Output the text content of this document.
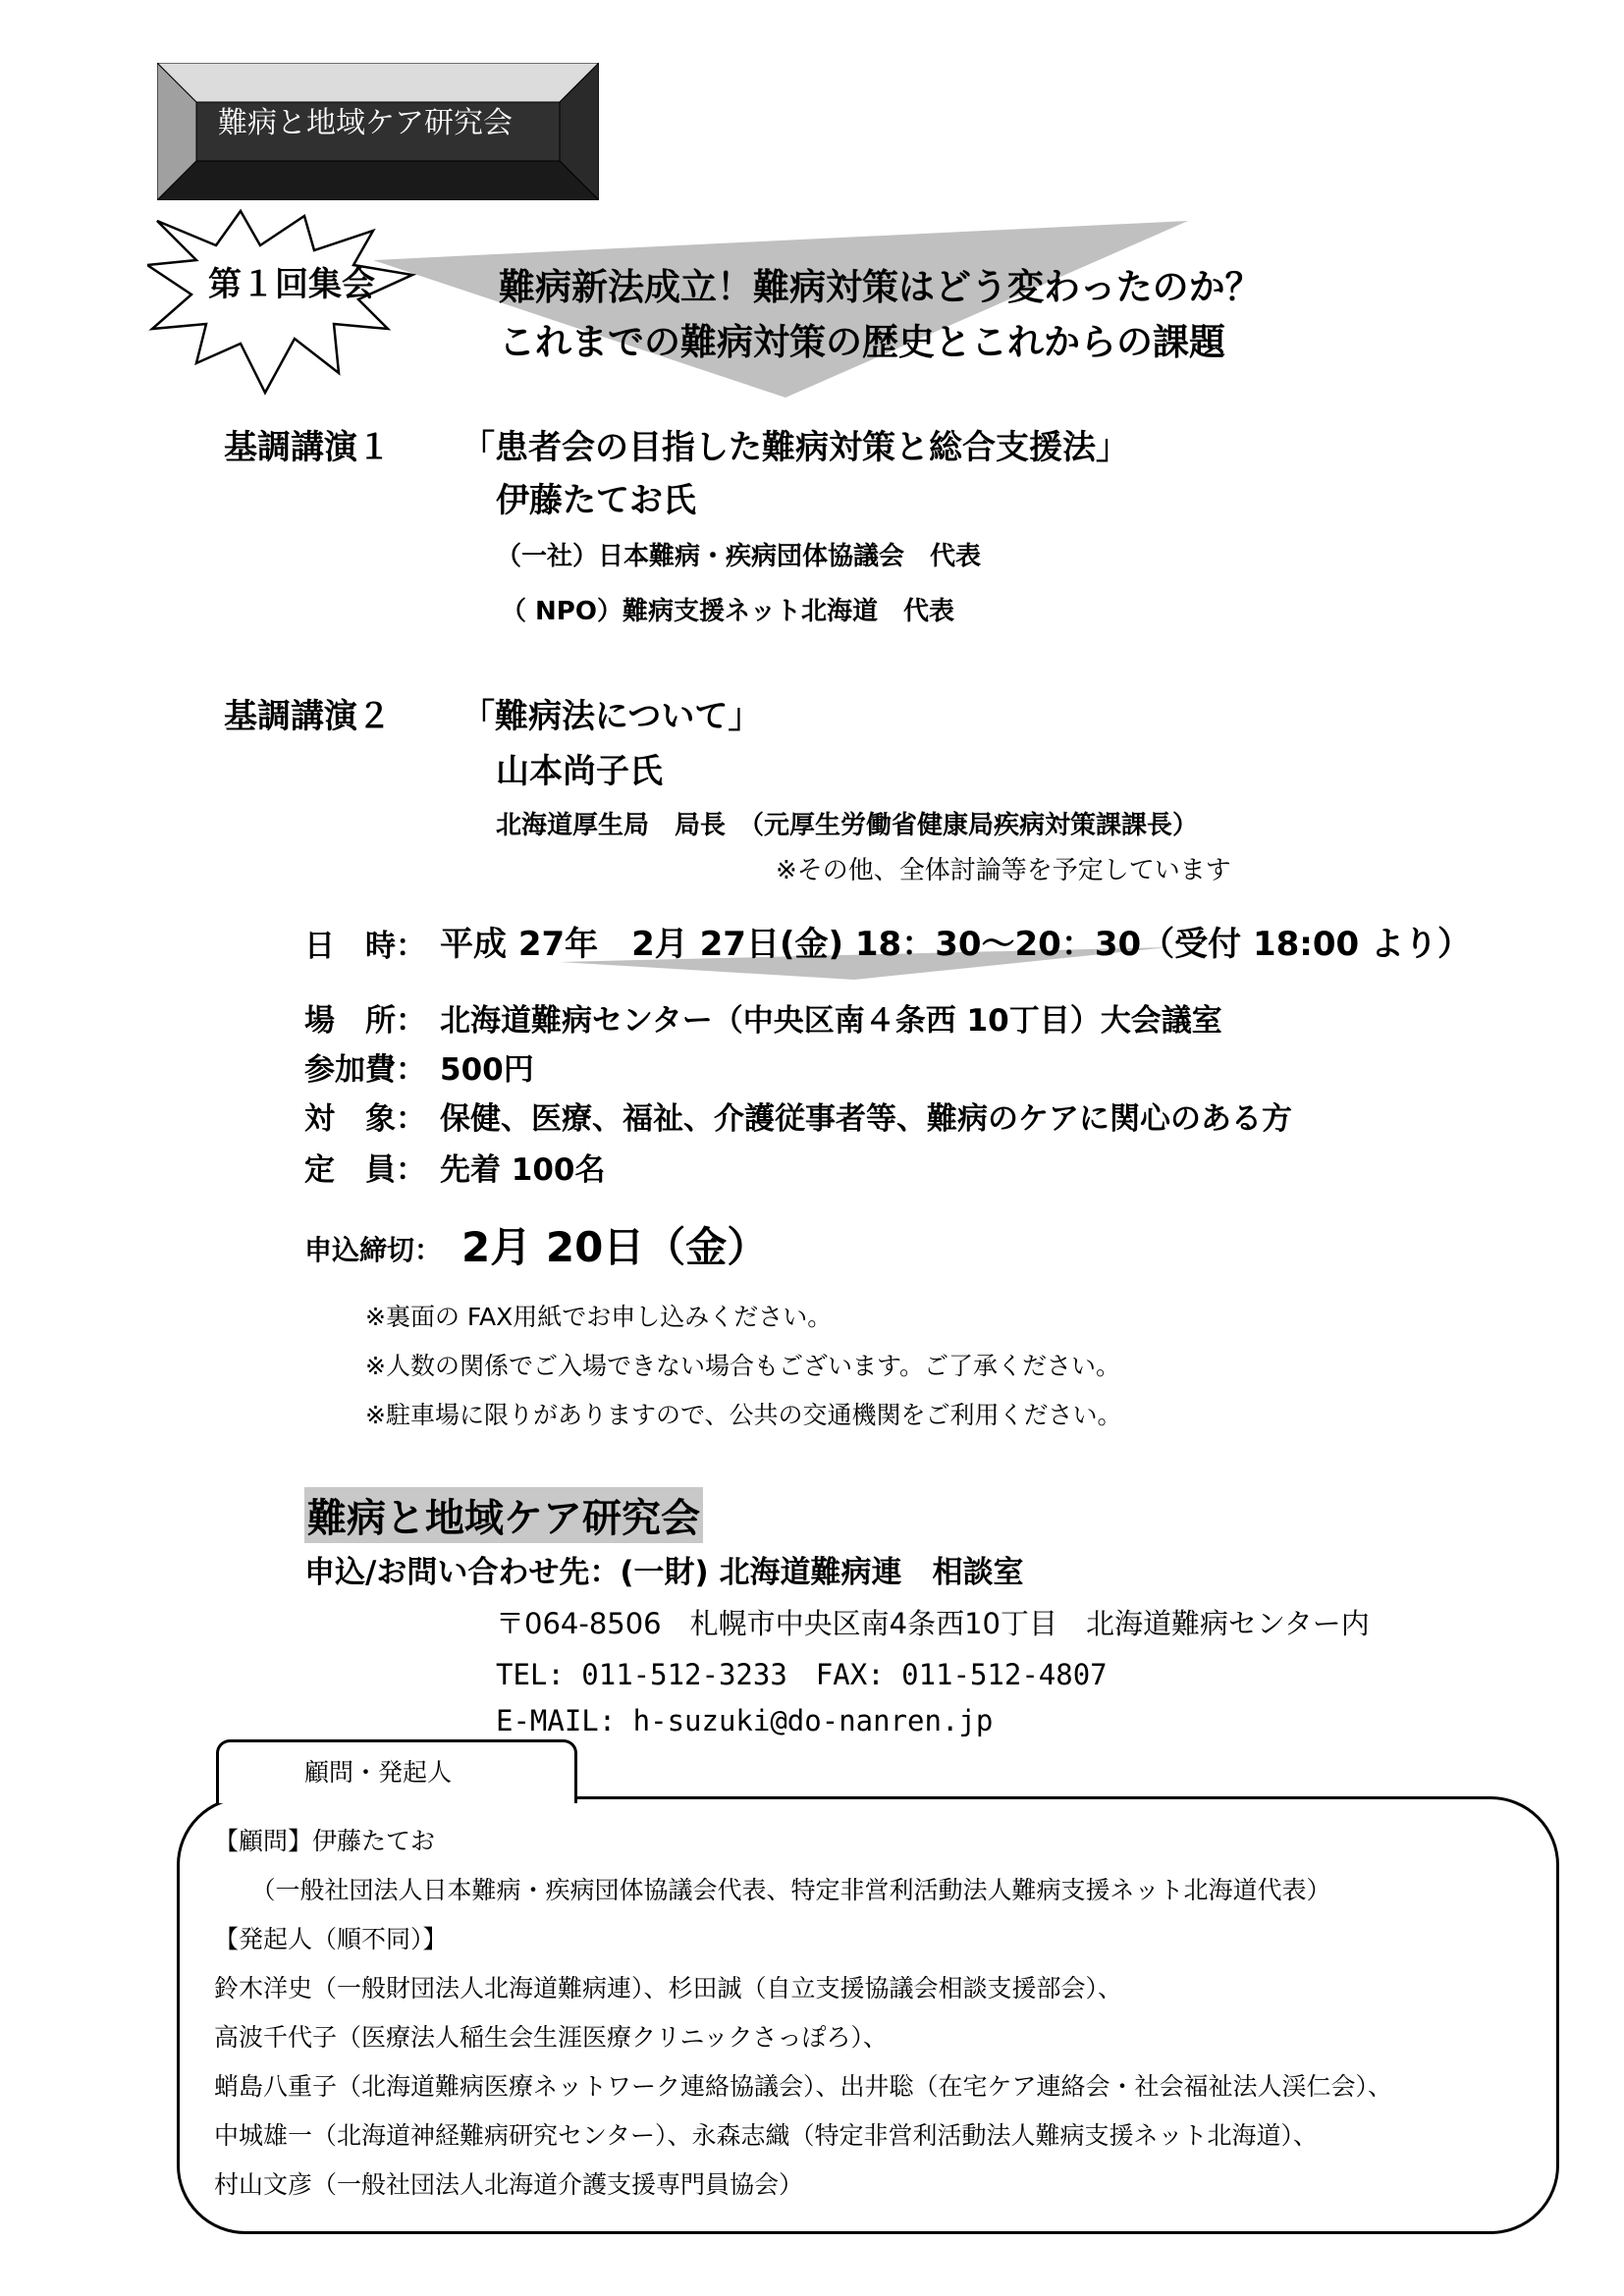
難病と地域ケア研究会
第１回集会	難病新法成立！難病対策はどう変わったのか？
これまでの難病対策の歴史とこれからの課題
基調講演１ 「患者会の目指した難病対策と総合支援法」
伊藤たてお氏
（一社）日本難病・疾病団体協議会　代表
（ NPO）難病支援ネット北海道　代表
基調講演２ 「難病法について」
山本尚子氏
北海道厚生局　局長　（元厚生労働省健康局疾病対策課課長）
※その他、全体討論等を予定しています
日　時： 平成 27年　2月 27日(金) 18：30～20：30（受付 18:00 より）
場　所： 北海道難病センター（中央区南４条西 10丁目）大会議室
参加費： 500円
対　象： 保健、医療、福祉、介護従事者等、難病のケアに関心のある方
定　員： 先着 100名
申込締切： 2月 20日（金）
※裏面の FAX用紙でお申し込みください。
※人数の関係でご入場できない場合もございます。ご了承ください。
※駐車場に限りがありますので、公共の交通機関をご利用ください。
難病と地域ケア研究会
申込/お問い合わせ先：(一財) 北海道難病連　相談室
〒064-8506　札幌市中央区南4条西10丁目　北海道難病センター内
TEL: 011-512-3233　FAX: 011-512-4807
E-MAIL: h-suzuki@do-nanren.jp
顧問・発起人
【顧問】伊藤たてお
　　（一般社団法人日本難病・疾病団体協議会代表、特定非営利活動法人難病支援ネット北海道代表）
【発起人（順不同）】
鈴木洋史（一般財団法人北海道難病連）、杉田誠（自立支援協議会相談支援部会）、
高波千代子（医療法人稲生会生涯医療クリニックさっぽろ）、
蛸島八重子（北海道難病医療ネットワーク連絡協議会）、出井聡（在宅ケア連絡会・社会福祉法人渓仁会）、
中城雄一（北海道神経難病研究センター）、永森志織（特定非営利活動法人難病支援ネット北海道）、
村山文彦（一般社団法人北海道介護支援専門員協会）
